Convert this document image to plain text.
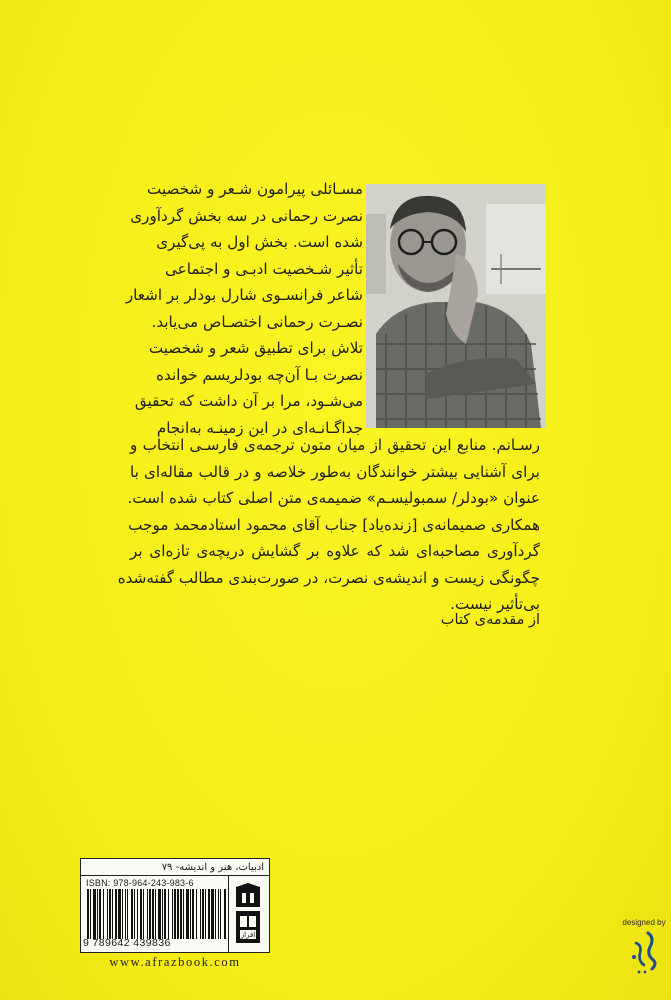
مسـائلی پیرامون شـعر و شخصیت
نصرت رحمانی در سه بخش گردآوری
شده است. بخش اول به پی‌گیری
تأثیر شـخصیت ادبـی و اجتماعی
شاعر فرانسـوی شارل بودلر بر اشعار
نصـرت رحمانی اختصـاص می‌یابد.
تلاش برای تطبیق شعر و شخصیت
نصرت بـا آن‌چه بودلریسم خوانده
می‌شـود، مرا بر آن داشت که تحقیق
جداگـانـه‌ای در این زمینـه به‌انجام
رسـانم. منابع این تحقیق از میان متون ترجمه‌ی فارسـی انتخاب و
برای آشنایی بیشتر خوانندگان به‌طور خلاصه و در قالب مقاله‌ای با
عنوان «بودلر/ سمبولیسـم» ضمیمه‌ی متن اصلی کتاب شده است.
همکاری صمیمانه‌ی [زنده‌یاد] جناب آقای محمود استادمحمد موجب
گردآوری مصاحبه‌ای شد که علاوه بر گشایش دریچه‌ی تازه‌ای بر
چگونگی زیست و اندیشه‌ی نصرت، در صورت‌بندی مطالب گفته‌شده
بی‌تأثیر نیست.
از مقدمه‌ی کتاب
ادبیات، هنر و اندیشه- ۷۹
ISBN: 978-964-243-983-6
9 789642 439836
افراز
www.afrazbook.com
designed by
